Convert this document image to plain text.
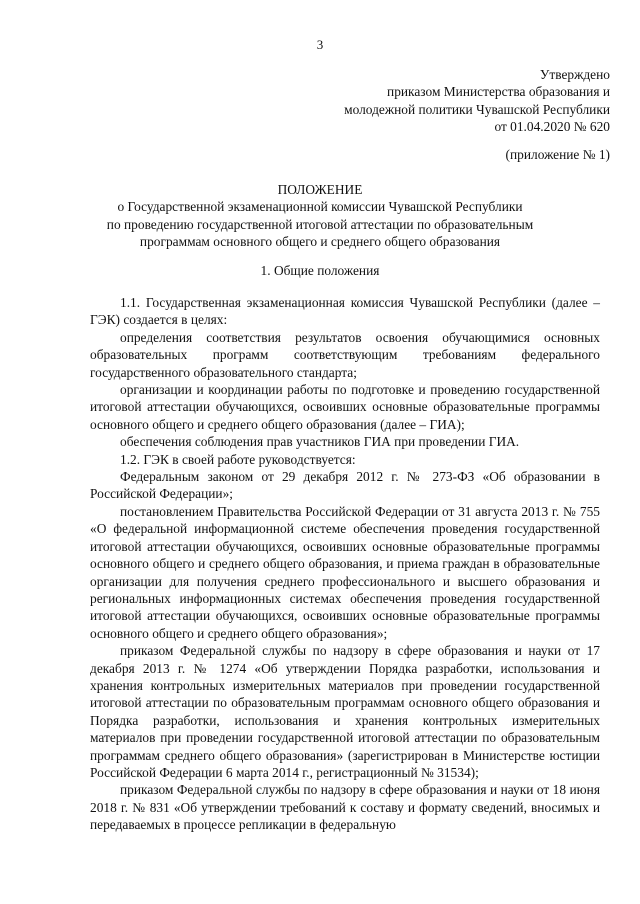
3
Утверждено
приказом Министерства образования и
молодежной политики Чувашской Республики
от 01.04.2020 № 620
(приложение № 1)
ПОЛОЖЕНИЕ
о Государственной экзаменационной комиссии Чувашской Республики
по проведению государственной итоговой аттестации по образовательным
программам основного общего и среднего общего образования
1. Общие положения

1.1. Государственная экзаменационная комиссия Чувашской Республики (далее – ГЭК) создается в целях:

определения соответствия результатов освоения обучающимися основных образовательных программ соответствующим требованиям федерального государственного образовательного стандарта;

организации и координации работы по подготовке и проведению государственной итоговой аттестации обучающихся, освоивших основные образовательные программы основного общего и среднего общего образования (далее – ГИА);

обеспечения соблюдения прав участников ГИА при проведении ГИА.

1.2. ГЭК в своей работе руководствуется:

Федеральным законом от 29 декабря 2012 г. № 273-ФЗ «Об образовании в Российской Федерации»;

постановлением Правительства Российской Федерации от 31 августа 2013 г. № 755 «О федеральной информационной системе обеспечения проведения государственной итоговой аттестации обучающихся, освоивших основные образовательные программы основного общего и среднего общего образования, и приема граждан в образовательные организации для получения среднего профессионального и высшего образования и региональных информационных системах обеспечения проведения государственной итоговой аттестации обучающихся, освоивших основные образовательные программы основного общего и среднего общего образования»;

приказом Федеральной службы по надзору в сфере образования и науки от 17 декабря 2013 г. № 1274 «Об утверждении Порядка разработки, использования и хранения контрольных измерительных материалов при проведении государственной итоговой аттестации по образовательным программам основного общего образования и Порядка разработки, использования и хранения контрольных измерительных материалов при проведении государственной итоговой аттестации по образовательным программам среднего общего образования» (зарегистрирован в Министерстве юстиции Российской Федерации 6 марта 2014 г., регистрационный № 31534);

приказом Федеральной службы по надзору в сфере образования и науки от 18 июня 2018 г. № 831 «Об утверждении требований к составу и формату сведений, вносимых и передаваемых в процессе репликации в федеральную
